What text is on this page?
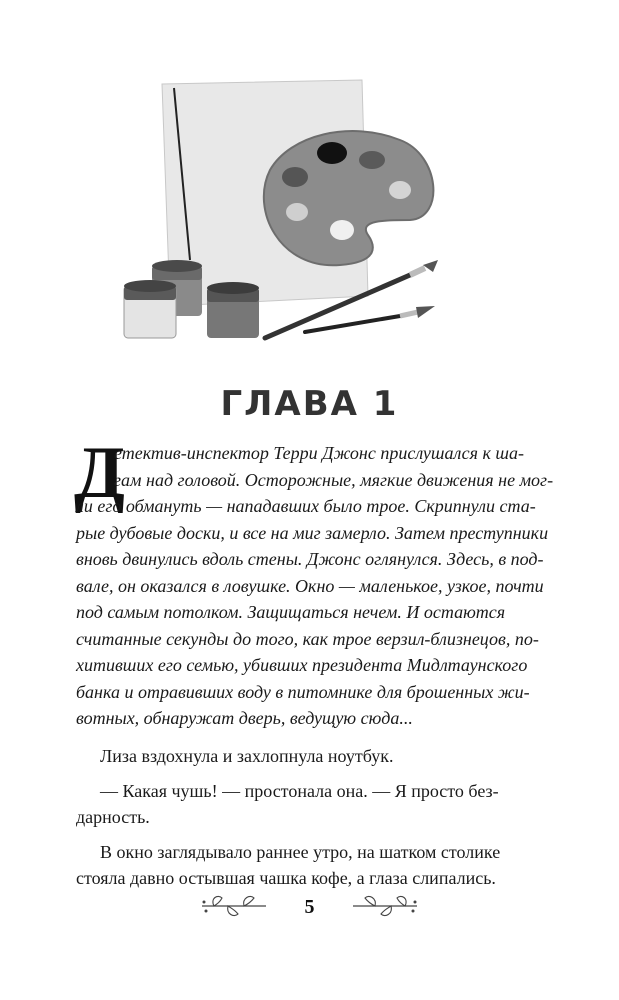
ГЛАВА 1
Д
етектив-инспектор Терри Джонс прислушался к ша-
гам над головой. Осторожные, мягкие движения не мог-
ли его обмануть — нападавших было трое. Скрипнули ста-
рые дубовые доски, и все на миг замерло. Затем преступники
вновь двинулись вдоль стены. Джонс оглянулся. Здесь, в под-
вале, он оказался в ловушке. Окно — маленькое, узкое, почти
под самым потолком. Защищаться нечем. И остаются
считанные секунды до того, как трое верзил-близнецов, по-
хитивших его семью, убивших президента Мидлтаунского
банка и отравивших воду в питомнике для брошенных жи-
вотных, обнаружат дверь, ведущую сюда...
Лиза вздохнула и захлопнула ноутбук.
— Какая чушь! — простонала она. — Я просто без-
дарность.
В окно заглядывало раннее утро, на шатком столике
стояла давно остывшая чашка кофе, а глаза слипались.
5
